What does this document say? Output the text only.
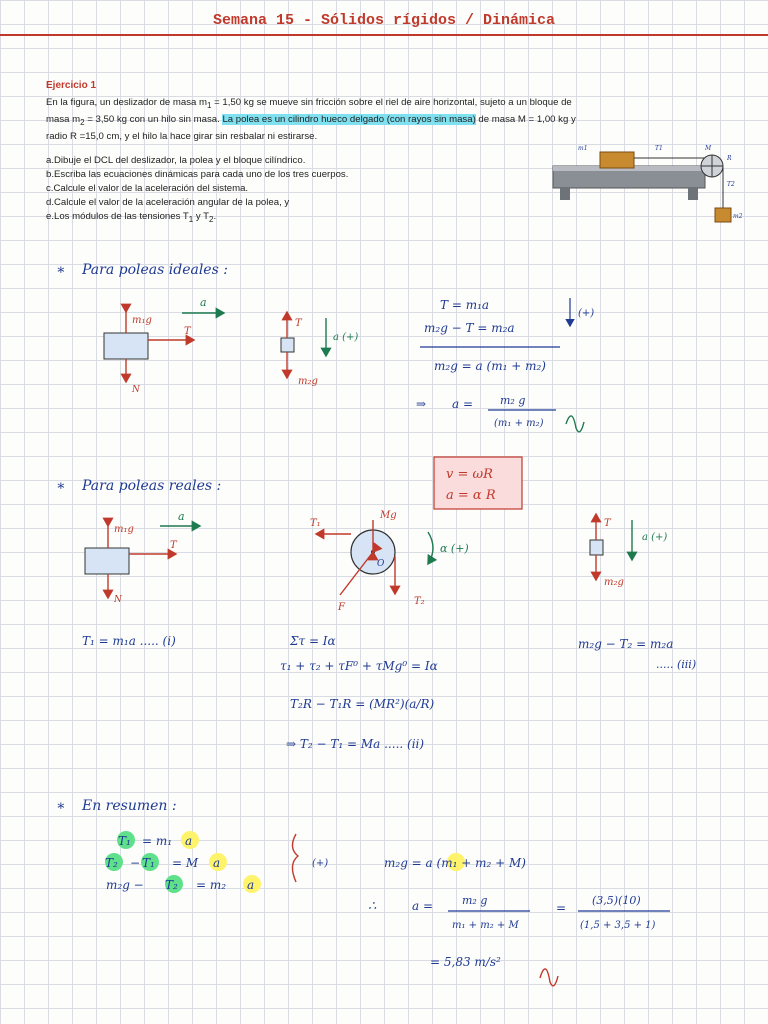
Semana 15 - Sólidos rígidos / Dinámica
Ejercicio 1
En la figura, un deslizador de masa $m_1 = 1,50$ kg se mueve sin fricción sobre el riel de aire horizontal, sujeto a un bloque de masa $m_2 = 3,50$ kg con un hilo sin masa. La polea es un cilindro hueco delgado (con rayos sin masa) de masa M = 1,00 kg y radio R =15,0 cm, y el hilo la hace girar sin resbalar ni estirarse.
a.Dibuje el DCL del deslizador, la polea y el bloque cilíndrico.
b.Escriba las ecuaciones dinámicas para cada uno de los tres cuerpos.
c.Calcule el valor de la aceleración del sistema.
d.Calcule el valor de la aceleración angular de la polea, y
e.Los módulos de las tensiones $T_1$ y $T_2$.
m1	T1	M
R
T2
m2
∗ Para poleas ideales :
∗ Para poleas reales :
∗ En resumen :
a
m₁g
T
N
T
a (+)
m₂g
T = m₁a
m₂g − T = m₂a
(+)
m₂g = a (m₁ + m₂)
⇒ a = m₂ g
(m₁ + m₂)
v = ωR
a = α R
m₁g
a
T
N
T₁
Mg
α (+)
O
F
T₂
T
a (+)
m₂g
T₁ = m₁a ..... (i)	Στ = Iα
τ₁ + τ₂ + τF⁰ + τMg⁰ = Iα
T₂R − T₁R = (MR²)(a/R)
⇒ T₂ − T₁ = Ma ..... (ii)
m₂g − T₂ = m₂a
..... (iii)
T₁ = m₁ a
T₂ − T₁ = M a
m₂g − T₂ = m₂ a
(+)	m₂g = a (m₁ + m₂ + M)
∴	a =	m₂ g
m₁ + m₂ + M
=
(3,5)(10)
(1,5 + 3,5 + 1)
= 5,83 m/s²
